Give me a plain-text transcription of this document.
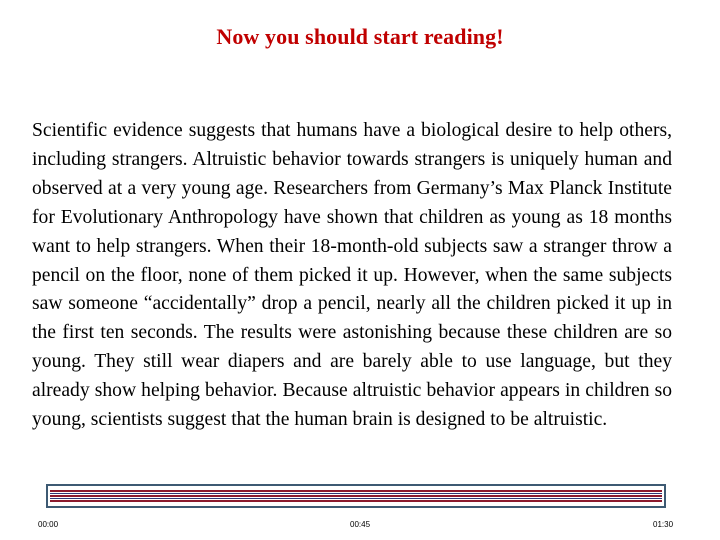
Now you should start reading!

Scientific evidence suggests that humans have a biological desire to help others, including strangers. Altruistic behavior towards strangers is uniquely human and observed at a very young age. Researchers from Germany’s Max Planck Institute for Evolutionary Anthropology have shown that children as young as 18 months want to help strangers. When their 18-month-old subjects saw a stranger throw a pencil on the floor, none of them picked it up. However, when the same subjects saw someone “accidentally” drop a pencil, nearly all the children picked it up in the first ten seconds. The results were astonishing because these children are so young. They still wear diapers and are barely able to use language, but they already show helping behavior. Because altruistic behavior appears in children so young, scientists suggest that the human brain is designed to be altruistic.

00:00	00:45	01:30
